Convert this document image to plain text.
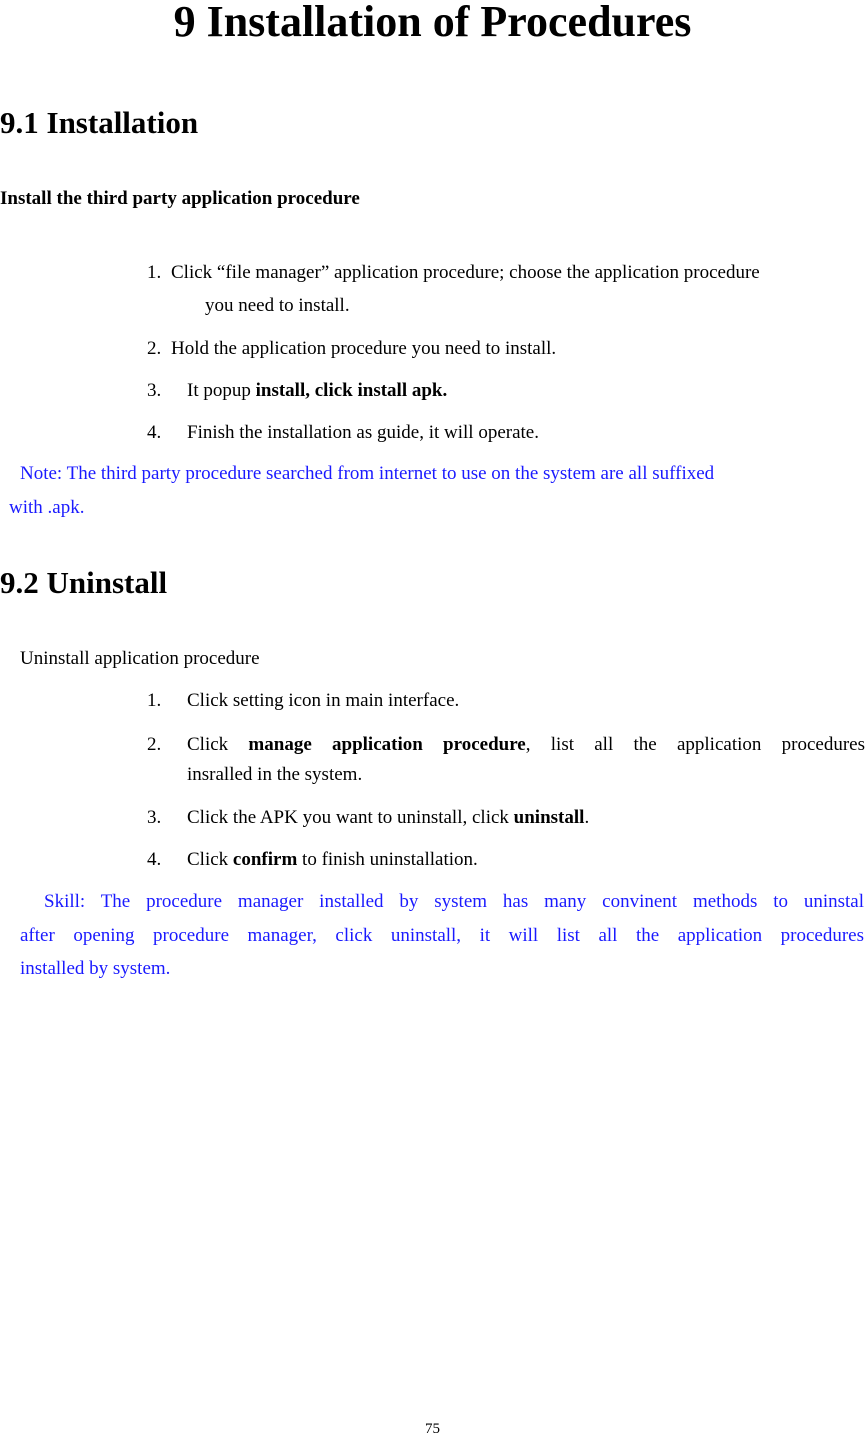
9 Installation of Procedures
9.1 Installation
Install the third party application procedure
1. Click “file manager” application procedure; choose the application procedure
you need to install.
2. Hold the application procedure you need to install.
3. It popup install, click install apk.
4. Finish the installation as guide, it will operate.
Note: The third party procedure searched from internet to use on the system are all suffixed
with .apk.
9.2 Uninstall
Uninstall application procedure
1. Click setting icon in main interface.
2.	Click manage application procedure, list all the application procedures
insralled in the system.
3. Click the APK you want to uninstall, click uninstall.
4. Click confirm to finish uninstallation.
Skill: The procedure manager installed by system has many convinent methods to uninstal
after opening procedure manager, click uninstall, it will list all the application procedures
installed by system.
75
